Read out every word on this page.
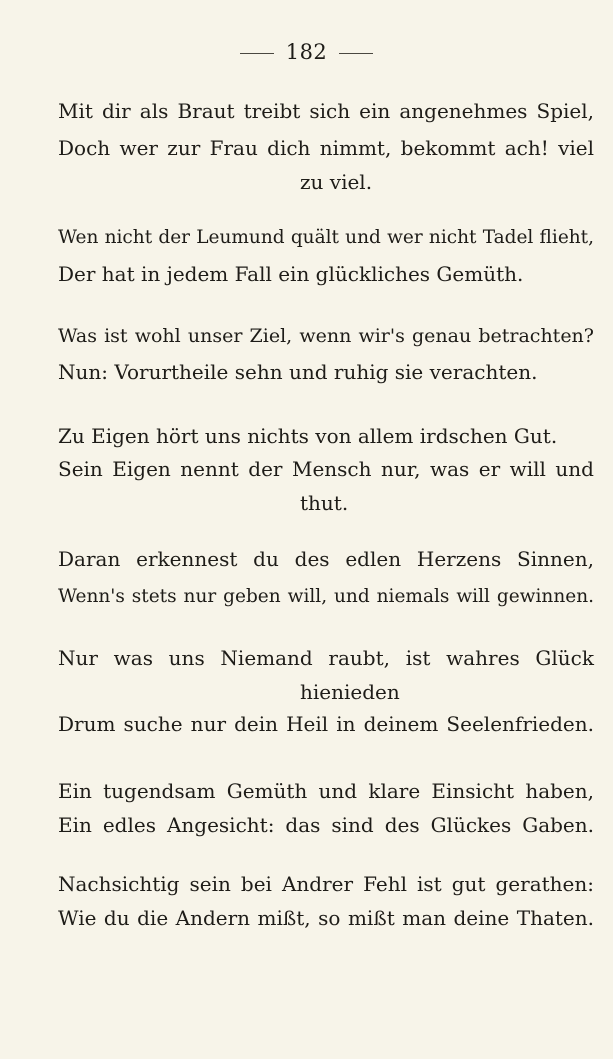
182
Mit dir als Braut treibt sich ein angenehmes Spiel,
Doch wer zur Frau dich nimmt, bekommt ach! viel
zu viel.
Wen nicht der Leumund quält und wer nicht Tadel flieht,
Der hat in jedem Fall ein glückliches Gemüth.
Was ist wohl unser Ziel, wenn wir's genau betrachten?
Nun: Vorurtheile sehn und ruhig sie verachten.
Zu Eigen hört uns nichts von allem irdschen Gut.
Sein Eigen nennt der Mensch nur, was er will und
thut.
Daran erkennest du des edlen Herzens Sinnen,
Wenn's stets nur geben will, und niemals will gewinnen.
Nur was uns Niemand raubt, ist wahres Glück
hienieden
Drum suche nur dein Heil in deinem Seelenfrieden.
Ein tugendsam Gemüth und klare Einsicht haben,
Ein edles Angesicht: das sind des Glückes Gaben.
Nachsichtig sein bei Andrer Fehl ist gut gerathen:
Wie du die Andern mißt, so mißt man deine Thaten.
